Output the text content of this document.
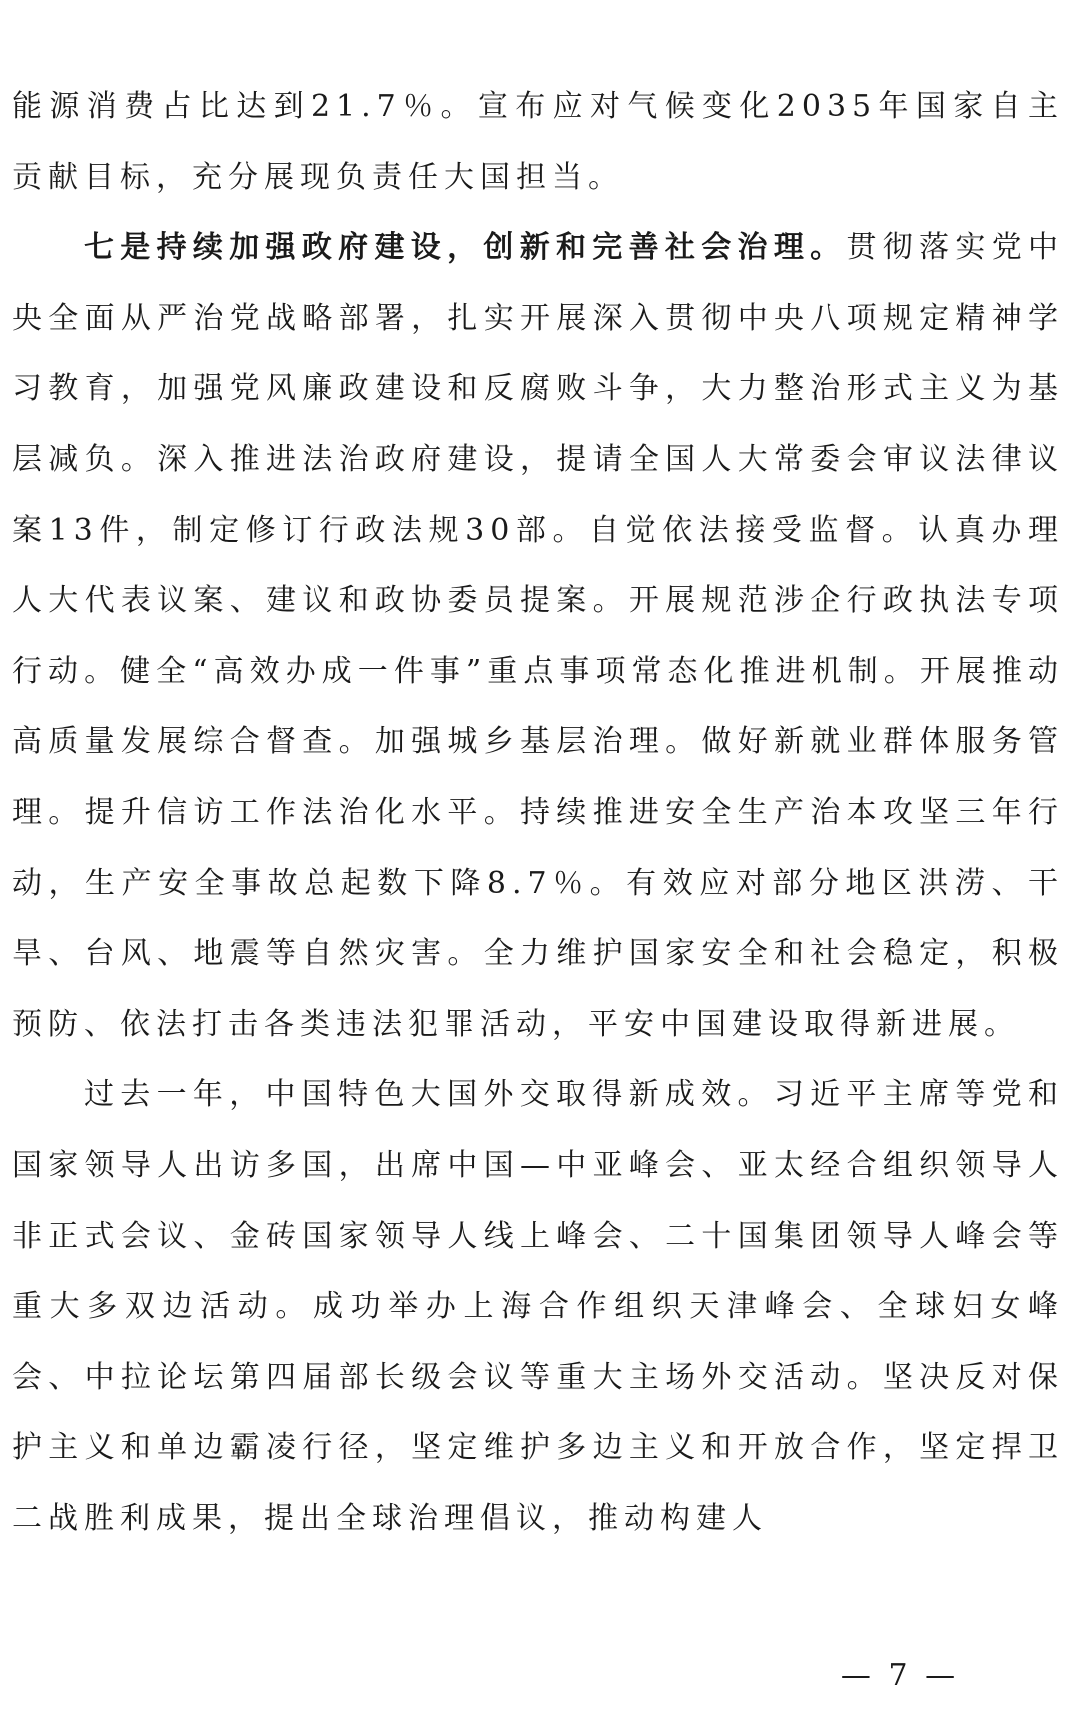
能源消费占比达到21.7％。宣布应对气候变化2035年国家自主贡献目标，充分展现负责任大国担当。

七是持续加强政府建设，创新和完善社会治理。贯彻落实党中央全面从严治党战略部署，扎实开展深入贯彻中央八项规定精神学习教育，加强党风廉政建设和反腐败斗争，大力整治形式主义为基层减负。深入推进法治政府建设，提请全国人大常委会审议法律议案13件，制定修订行政法规30部。自觉依法接受监督。认真办理人大代表议案、建议和政协委员提案。开展规范涉企行政执法专项行动。健全“高效办成一件事”重点事项常态化推进机制。开展推动高质量发展综合督查。加强城乡基层治理。做好新就业群体服务管理。提升信访工作法治化水平。持续推进安全生产治本攻坚三年行动，生产安全事故总起数下降8.7％。有效应对部分地区洪涝、干旱、台风、地震等自然灾害。全力维护国家安全和社会稳定，积极预防、依法打击各类违法犯罪活动，平安中国建设取得新进展。

过去一年，中国特色大国外交取得新成效。习近平主席等党和国家领导人出访多国，出席中国—中亚峰会、亚太经合组织领导人非正式会议、金砖国家领导人线上峰会、二十国集团领导人峰会等重大多双边活动。成功举办上海合作组织天津峰会、全球妇女峰会、中拉论坛第四届部长级会议等重大主场外交活动。坚决反对保护主义和单边霸凌行径，坚定维护多边主义和开放合作，坚定捍卫二战胜利成果，提出全球治理倡议，推动构建人

— 7 —
